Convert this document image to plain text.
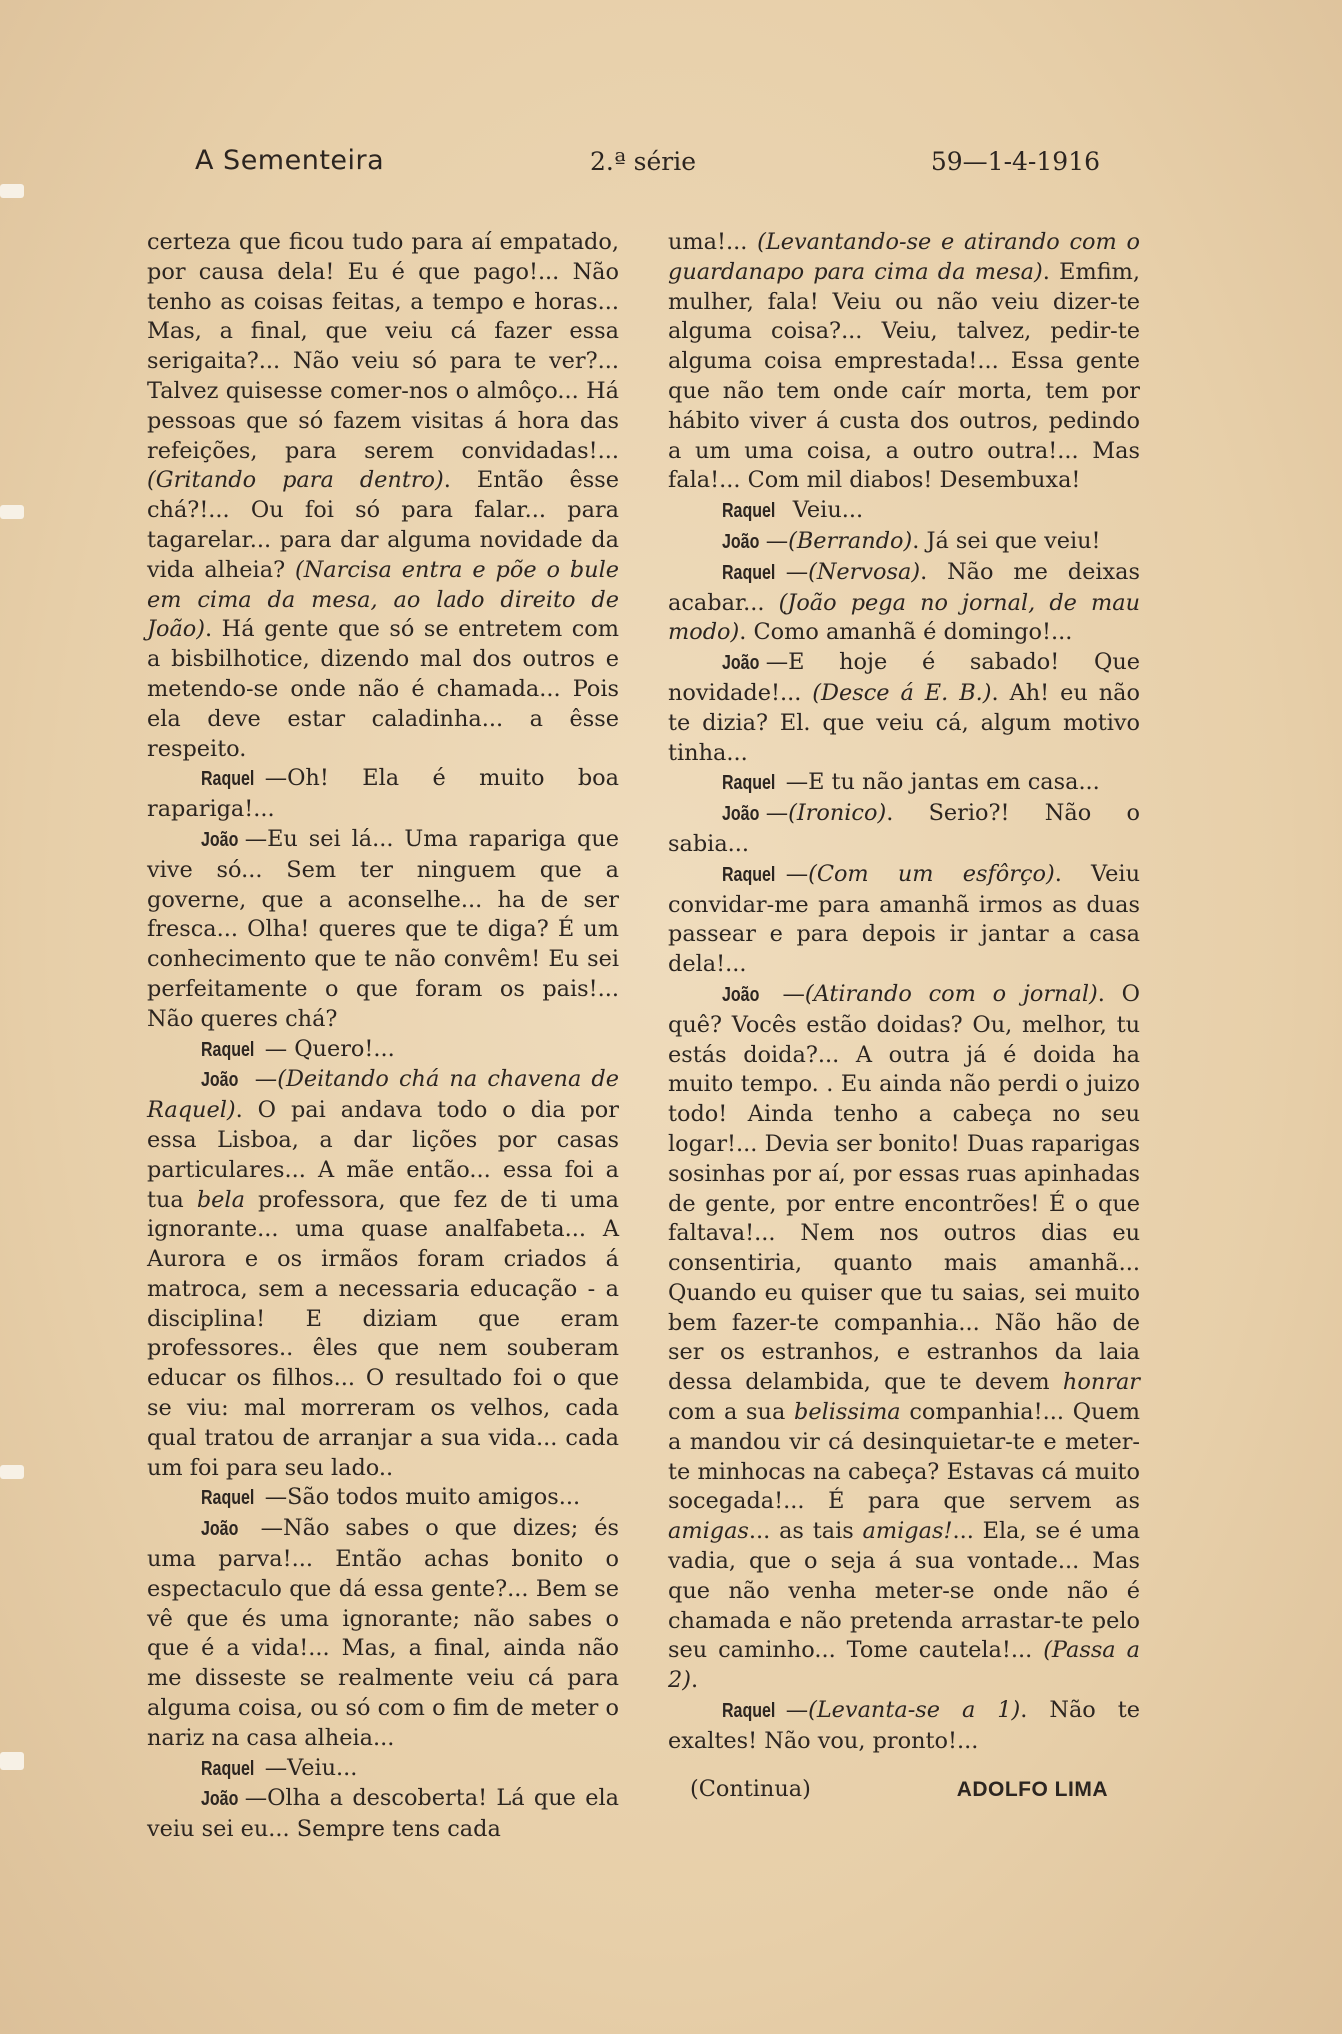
A Sementeira	2.ª série	59—1-4-1916

certeza que ficou tudo para aí empatado, por causa dela! Eu é que pago!... Não tenho as coisas feitas, a tempo e horas... Mas, a final, que veiu cá fazer essa serigaita?... Não veiu só para te ver?... Talvez quisesse comer-nos o almôço... Há pessoas que só fazem visitas á hora das refeições, para serem convidadas!... (Gritando para dentro). Então êsse chá?!... Ou foi só para falar... para tagarelar... para dar alguma novidade da vida alheia? (Narcisa entra e põe o bule em cima da mesa, ao lado direito de João). Há gente que só se entretem com a bisbilhotice, dizendo mal dos outros e metendo-se onde não é chamada... Pois ela deve estar caladinha... a êsse respeito.

Raquel —Oh! Ela é muito boa rapariga!...

João —Eu sei lá... Uma rapariga que vive só... Sem ter ninguem que a governe, que a aconselhe... ha de ser fresca... Olha! queres que te diga? É um conhecimento que te não convêm! Eu sei perfeitamente o que foram os pais!... Não queres chá?

Raquel — Quero!...

João —(Deitando chá na chavena de Raquel). O pai andava todo o dia por essa Lisboa, a dar lições por casas particulares... A mãe então... essa foi a tua bela professora, que fez de ti uma ignorante... uma quase analfabeta... A Aurora e os irmãos foram criados á matroca, sem a necessaria educação - a disciplina! E diziam que eram professores.. êles que nem souberam educar os filhos... O resultado foi o que se viu: mal morreram os velhos, cada qual tratou de arranjar a sua vida... cada um foi para seu lado..

Raquel —São todos muito amigos...

João —Não sabes o que dizes; és uma parva!... Então achas bonito o espectaculo que dá essa gente?... Bem se vê que és uma ignorante; não sabes o que é a vida!... Mas, a final, ainda não me disseste se realmente veiu cá para alguma coisa, ou só com o fim de meter o nariz na casa alheia...

Raquel —Veiu...

João —Olha a descoberta! Lá que ela veiu sei eu... Sempre tens cada

uma!... (Levantando-se e atirando com o guardanapo para cima da mesa). Emfim, mulher, fala! Veiu ou não veiu dizer-te alguma coisa?... Veiu, talvez, pedir-te alguma coisa emprestada!... Essa gente que não tem onde caír morta, tem por hábito viver á custa dos outros, pedindo a um uma coisa, a outro outra!... Mas fala!... Com mil diabos! Desembuxa!

Raquel Veiu...

João —(Berrando). Já sei que veiu!

Raquel —(Nervosa). Não me deixas acabar... (João pega no jornal, de mau modo). Como amanhã é domingo!...

João —E hoje é sabado! Que novidade!... (Desce á E. B.). Ah! eu não te dizia? El. que veiu cá, algum motivo tinha...

Raquel —E tu não jantas em casa...

João —(Ironico). Serio?! Não o sabia...

Raquel —(Com um esfôrço). Veiu convidar-me para amanhã irmos as duas passear e para depois ir jantar a casa dela!...

João —(Atirando com o jornal). O quê? Vocês estão doidas? Ou, melhor, tu estás doida?... A outra já é doida ha muito tempo. . Eu ainda não perdi o juizo todo! Ainda tenho a cabeça no seu logar!... Devia ser bonito! Duas raparigas sosinhas por aí, por essas ruas apinhadas de gente, por entre encontrões! É o que faltava!... Nem nos outros dias eu consentiria, quanto mais amanhã... Quando eu quiser que tu saias, sei muito bem fazer-te companhia... Não hão de ser os estranhos, e estranhos da laia dessa delambida, que te devem honrar com a sua belissima companhia!... Quem a mandou vir cá desinquietar-te e meter-te minhocas na cabeça? Estavas cá muito socegada!... É para que servem as amigas... as tais amigas!... Ela, se é uma vadia, que o seja á sua vontade... Mas que não venha meter-se onde não é chamada e não pretenda arrastar-te pelo seu caminho... Tome cautela!... (Passa a 2).

Raquel —(Levanta-se a 1). Não te exaltes! Não vou, pronto!...

(Continua)	ADOLFO LIMA
